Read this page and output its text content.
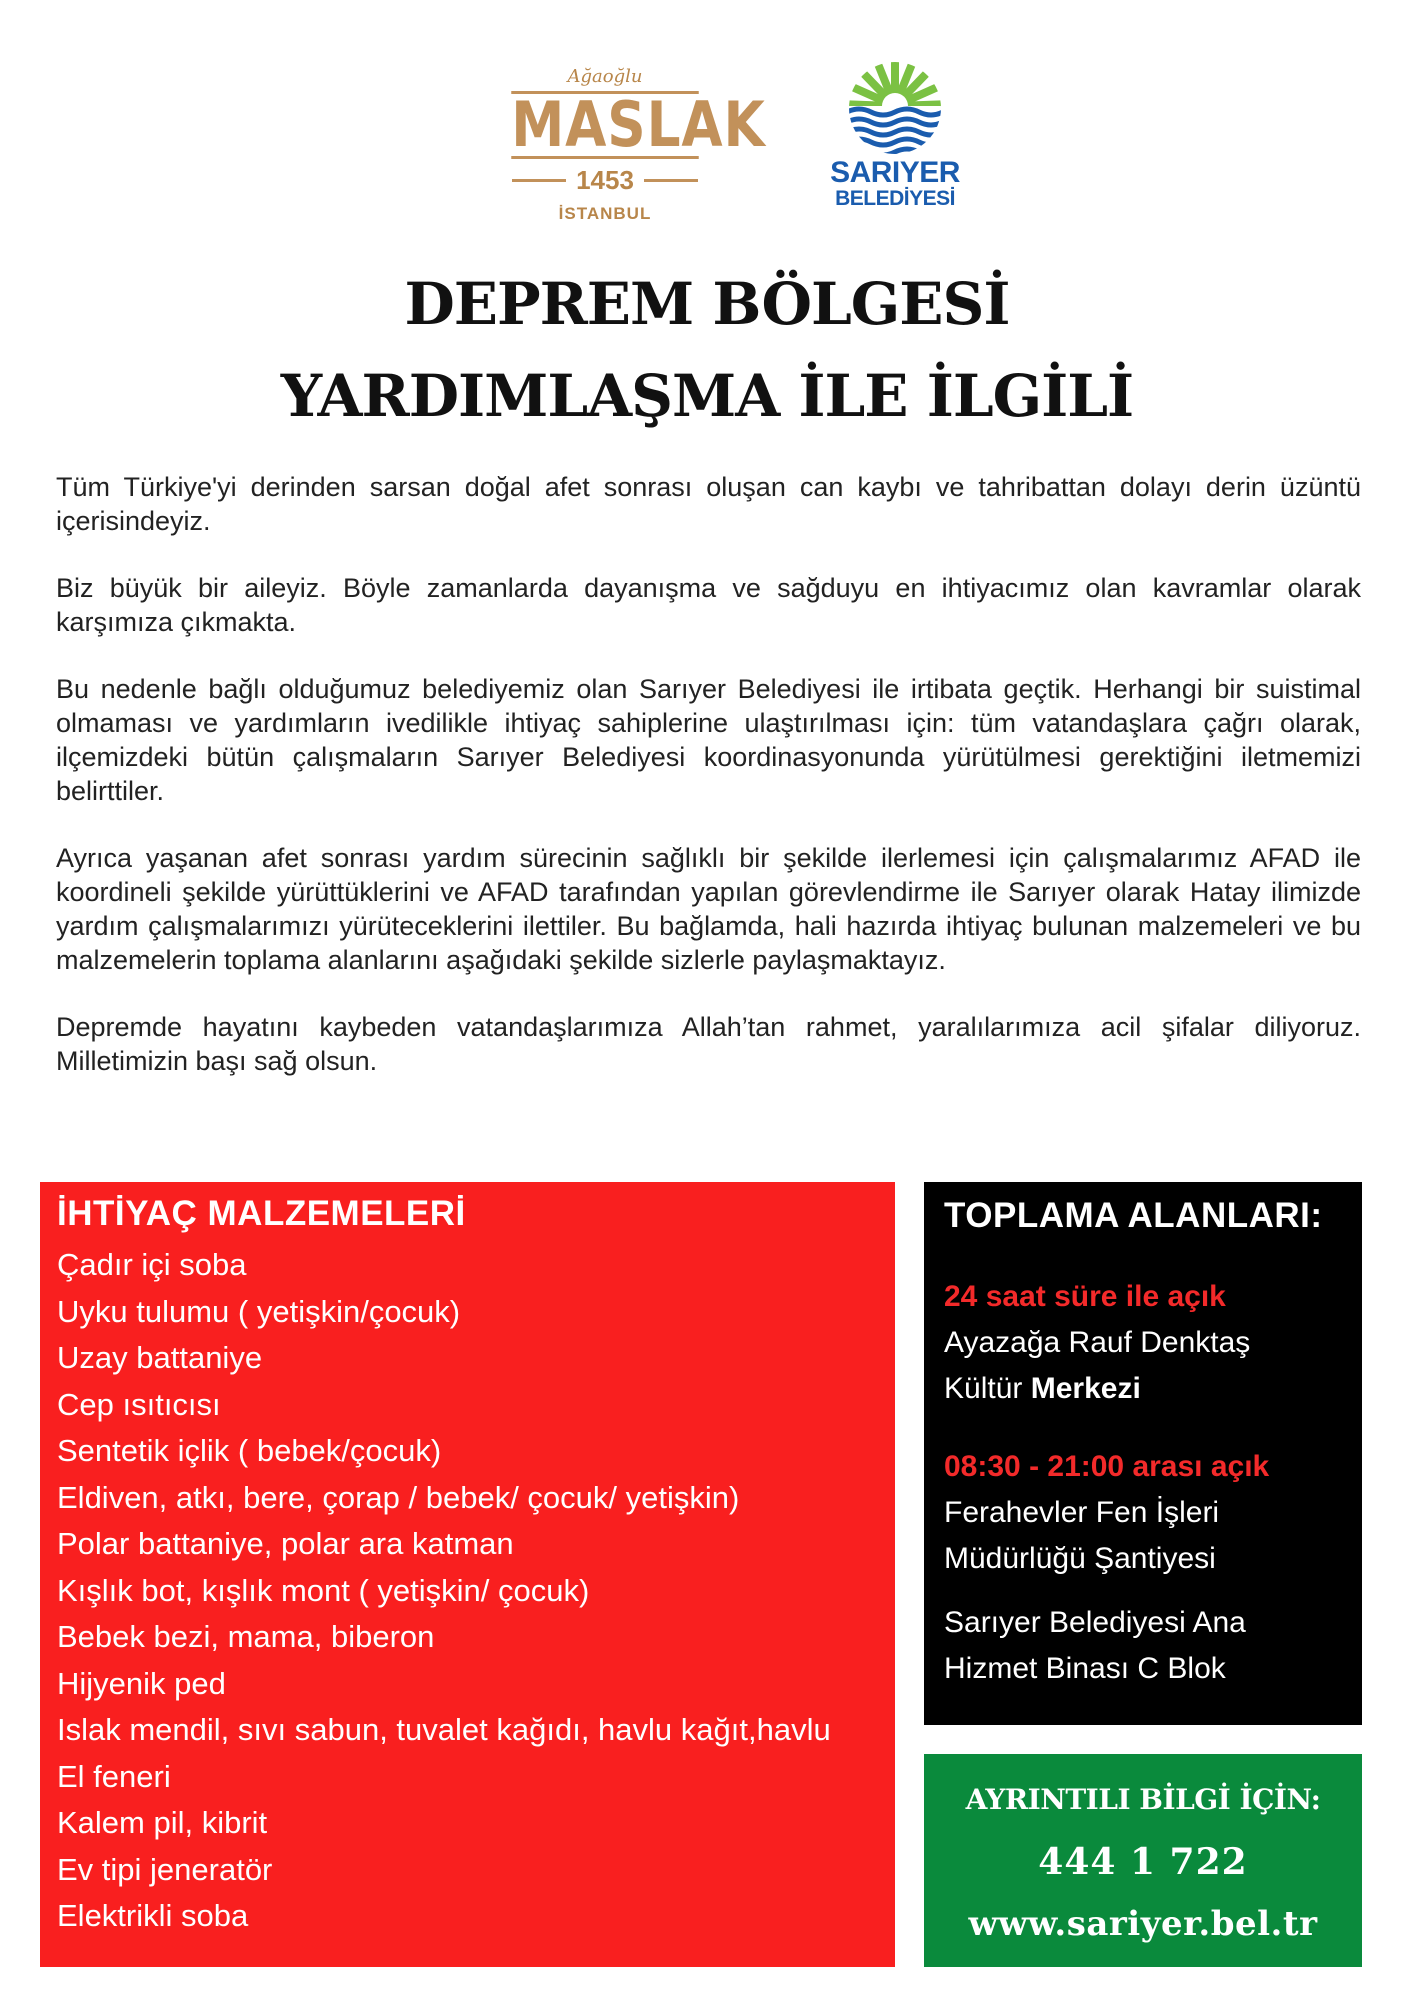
Ağaoğlu
MASLAK
1453
İSTANBUL
SARIYER
BELEDİYESİ
DEPREM BÖLGESİ
YARDIMLAŞMA İLE İLGİLİ

Tüm Türkiye'yi derinden sarsan doğal afet sonrası oluşan can kaybı ve tahribattan dolayı derin üzüntü içerisindeyiz.

Biz büyük bir aileyiz. Böyle zamanlarda dayanışma ve sağduyu en ihtiyacımız olan kavramlar olarak karşımıza çıkmakta.

Bu nedenle bağlı olduğumuz belediyemiz olan Sarıyer Belediyesi ile irtibata geçtik. Herhangi bir suistimal olmaması ve yardımların ivedilikle ihtiyaç sahiplerine ulaştırılması için: tüm vatandaşlara çağrı olarak, ilçemizdeki bütün çalışmaların Sarıyer Belediyesi koordinasyonunda yürütülmesi gerektiğini iletmemizi belirttiler.

Ayrıca yaşanan afet sonrası yardım sürecinin sağlıklı bir şekilde ilerlemesi için çalışmalarımız AFAD ile koordineli şekilde yürüttüklerini ve AFAD tarafından yapılan görevlendirme ile Sarıyer olarak Hatay ilimizde yardım çalışmalarımızı yürüteceklerini ilettiler. Bu bağlamda, hali hazırda ihtiyaç bulunan malzemeleri ve bu malzemelerin toplama alanlarını aşağıdaki şekilde sizlerle paylaşmaktayız.

Depremde hayatını kaybeden vatandaşlarımıza Allah’tan rahmet, yaralılarımıza acil şifalar diliyoruz. Milletimizin başı sağ olsun.

İHTİYAÇ MALZEMELERİ
Çadır içi soba
Uyku tulumu ( yetişkin/çocuk)
Uzay battaniye
Cep ısıtıcısı
Sentetik içlik ( bebek/çocuk)
Eldiven, atkı, bere, çorap / bebek/ çocuk/ yetişkin)
Polar battaniye, polar ara katman
Kışlık bot, kışlık mont ( yetişkin/ çocuk)
Bebek bezi, mama, biberon
Hijyenik ped
Islak mendil, sıvı sabun, tuvalet kağıdı, havlu kağıt,havlu
El feneri
Kalem pil, kibrit
Ev tipi jeneratör
Elektrikli soba
TOPLAMA ALANLARI:
24 saat süre ile açık
Ayazağa Rauf Denktaş
Kültür Merkezi
08:30 - 21:00 arası açık
Ferahevler Fen İşleri
Müdürlüğü Şantiyesi
Sarıyer Belediyesi Ana
Hizmet Binası C Blok
AYRINTILI BİLGİ İÇİN:
444 1 722
www.sariyer.bel.tr
